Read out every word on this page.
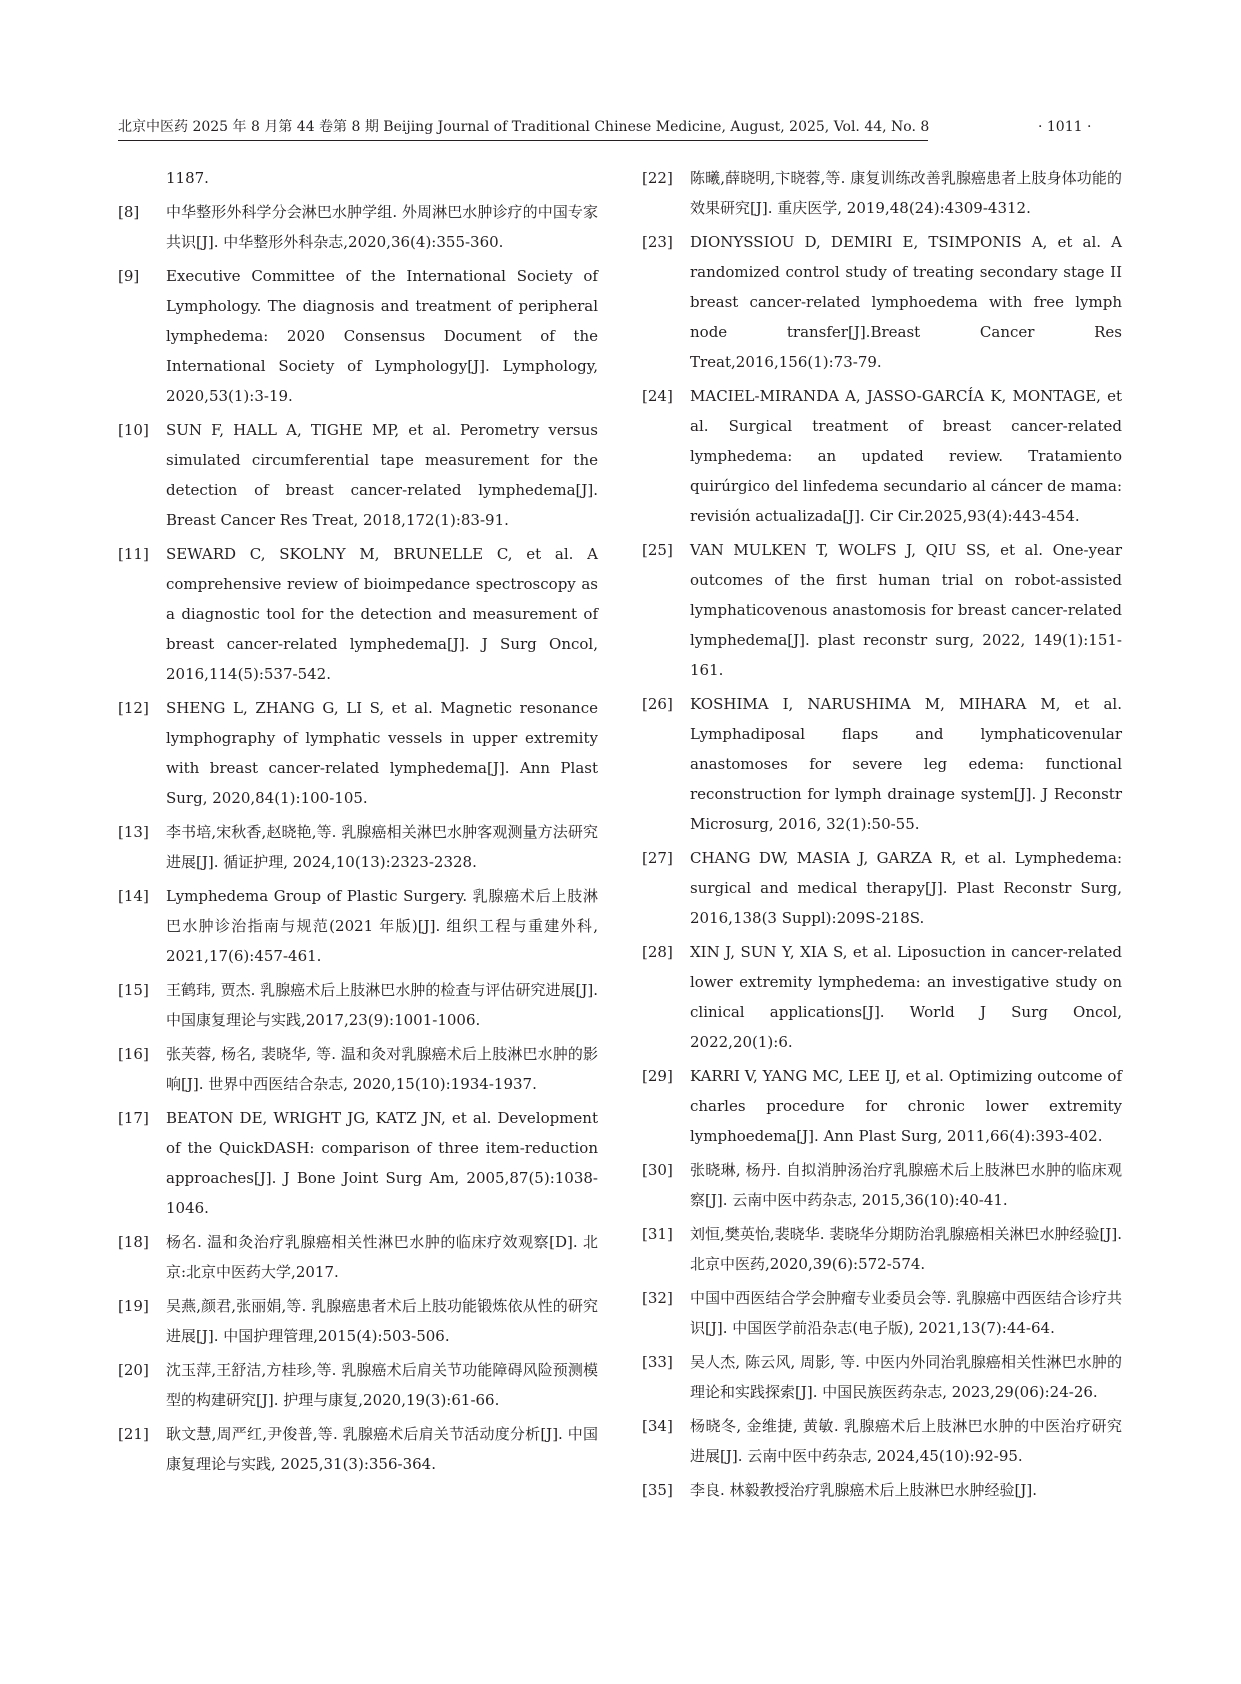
北京中医药 2025 年 8 月第 44 卷第 8 期 Beijing Journal of Traditional Chinese Medicine, August, 2025, Vol. 44, No. 8	· 1011 ·

1187.

[8] 中华整形外科学分会淋巴水肿学组. 外周淋巴水肿诊疗的中国专家共识[J]. 中华整形外科杂志,2020,36(4):355-360.

[9] Executive Committee of the International Society of Lymphology. The diagnosis and treatment of peripheral lymphedema: 2020 Consensus Document of the International Society of Lymphology[J]. Lymphology, 2020,53(1):3-19.

[10] SUN F, HALL A, TIGHE MP, et al. Perometry versus simulated circumferential tape measurement for the detection of breast cancer-related lymphedema[J]. Breast Cancer Res Treat, 2018,172(1):83-91.

[11] SEWARD C, SKOLNY M, BRUNELLE C, et al. A comprehensive review of bioimpedance spectroscopy as a diagnostic tool for the detection and measurement of breast cancer-related lymphedema[J]. J Surg Oncol, 2016,114(5):537-542.

[12] SHENG L, ZHANG G, LI S, et al. Magnetic resonance lymphography of lymphatic vessels in upper extremity with breast cancer-related lymphedema[J]. Ann Plast Surg, 2020,84(1):100-105.

[13] 李书培,宋秋香,赵晓艳,等. 乳腺癌相关淋巴水肿客观测量方法研究进展[J]. 循证护理, 2024,10(13):2323-2328.

[14] Lymphedema Group of Plastic Surgery. 乳腺癌术后上肢淋巴水肿诊治指南与规范(2021 年版)[J]. 组织工程与重建外科, 2021,17(6):457-461.

[15] 王鹤玮, 贾杰. 乳腺癌术后上肢淋巴水肿的检查与评估研究进展[J]. 中国康复理论与实践,2017,23(9):1001-1006.

[16] 张芙蓉, 杨名, 裴晓华, 等. 温和灸对乳腺癌术后上肢淋巴水肿的影响[J]. 世界中西医结合杂志, 2020,15(10):1934-1937.

[17] BEATON DE, WRIGHT JG, KATZ JN, et al. Development of the QuickDASH: comparison of three item-reduction approaches[J]. J Bone Joint Surg Am, 2005,87(5):1038-1046.

[18] 杨名. 温和灸治疗乳腺癌相关性淋巴水肿的临床疗效观察[D]. 北京:北京中医药大学,2017.

[19] 吴燕,颜君,张丽娟,等. 乳腺癌患者术后上肢功能锻炼依从性的研究进展[J]. 中国护理管理,2015(4):503-506.

[20] 沈玉萍,王舒洁,方桂珍,等. 乳腺癌术后肩关节功能障碍风险预测模型的构建研究[J]. 护理与康复,2020,19(3):61-66.

[21] 耿文慧,周严红,尹俊普,等. 乳腺癌术后肩关节活动度分析[J]. 中国康复理论与实践, 2025,31(3):356-364.

[22] 陈曦,薛晓明,卞晓蓉,等. 康复训练改善乳腺癌患者上肢身体功能的效果研究[J]. 重庆医学, 2019,48(24):4309-4312.

[23] DIONYSSIOU D, DEMIRI E, TSIMPONIS A, et al. A randomized control study of treating secondary stage II breast cancer-related lymphoedema with free lymph node transfer[J].Breast Cancer Res Treat,2016,156(1):73-79.

[24] MACIEL-MIRANDA A, JASSO-GARCÍA K, MONTAGE, et al. Surgical treatment of breast cancer-related lymphedema: an updated review. Tratamiento quirúrgico del linfedema secundario al cáncer de mama: revisión actualizada[J]. Cir Cir.2025,93(4):443-454.

[25] VAN MULKEN T, WOLFS J, QIU SS, et al. One-year outcomes of the first human trial on robot-assisted lymphaticovenous anastomosis for breast cancer-related lymphedema[J]. plast reconstr surg, 2022, 149(1):151-161.

[26] KOSHIMA I, NARUSHIMA M, MIHARA M, et al. Lymphadiposal flaps and lymphaticovenular anastomoses for severe leg edema: functional reconstruction for lymph drainage system[J]. J Reconstr Microsurg, 2016, 32(1):50-55.

[27] CHANG DW, MASIA J, GARZA R, et al. Lymphedema: surgical and medical therapy[J]. Plast Reconstr Surg, 2016,138(3 Suppl):209S-218S.

[28] XIN J, SUN Y, XIA S, et al. Liposuction in cancer-related lower extremity lymphedema: an investigative study on clinical applications[J]. World J Surg Oncol, 2022,20(1):6.

[29] KARRI V, YANG MC, LEE IJ, et al. Optimizing outcome of charles procedure for chronic lower extremity lymphoedema[J]. Ann Plast Surg, 2011,66(4):393-402.

[30] 张晓琳, 杨丹. 自拟消肿汤治疗乳腺癌术后上肢淋巴水肿的临床观察[J]. 云南中医中药杂志, 2015,36(10):40-41.

[31] 刘恒,樊英怡,裴晓华. 裴晓华分期防治乳腺癌相关淋巴水肿经验[J]. 北京中医药,2020,39(6):572-574.

[32] 中国中西医结合学会肿瘤专业委员会等. 乳腺癌中西医结合诊疗共识[J]. 中国医学前沿杂志(电子版), 2021,13(7):44-64.

[33] 吴人杰, 陈云风, 周影, 等. 中医内外同治乳腺癌相关性淋巴水肿的理论和实践探索[J]. 中国民族医药杂志, 2023,29(06):24-26.

[34] 杨晓冬, 金维捷, 黄敏. 乳腺癌术后上肢淋巴水肿的中医治疗研究进展[J]. 云南中医中药杂志, 2024,45(10):92-95.

[35] 李良. 林毅教授治疗乳腺癌术后上肢淋巴水肿经验[J].
